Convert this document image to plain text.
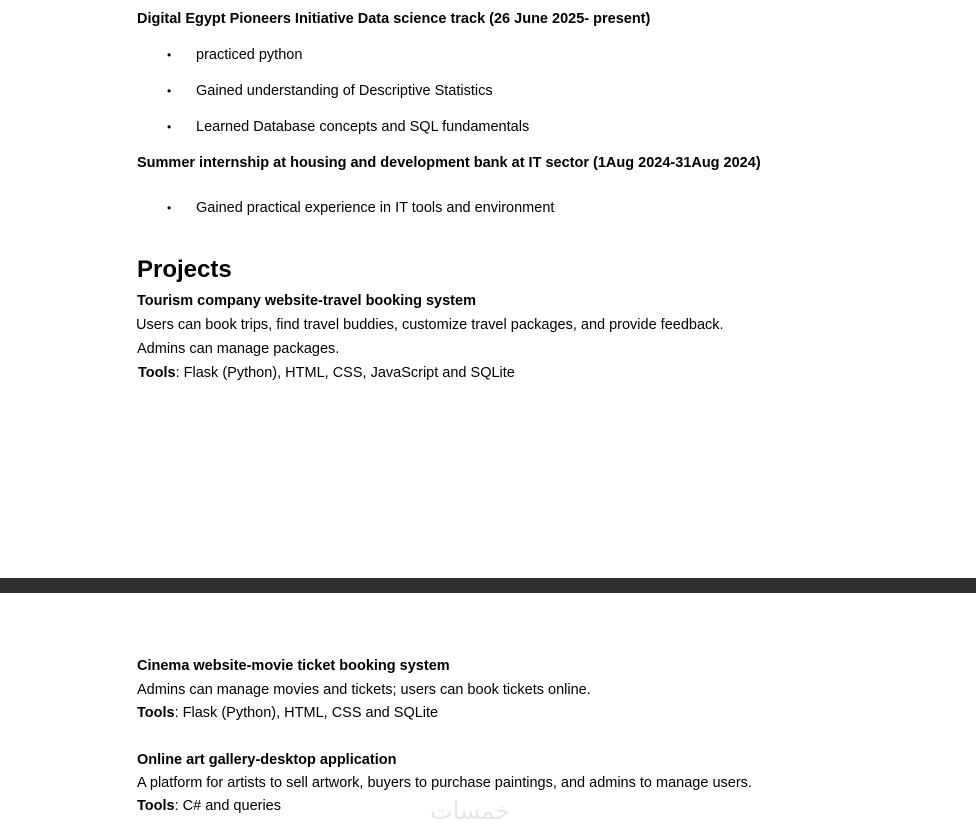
Digital Egypt Pioneers Initiative Data science track (26 June 2025- present)
• practiced python
• Gained understanding of Descriptive Statistics
• Learned Database concepts and SQL fundamentals
Summer internship at housing and development bank at IT sector (1Aug 2024-31Aug 2024)
• Gained practical experience in IT tools and environment
Projects
Tourism company website-travel booking system
Users can book trips, find travel buddies, customize travel packages, and provide feedback.
Admins can manage packages.
Tools: Flask (Python), HTML, CSS, JavaScript and SQLite
Cinema website-movie ticket booking system
Admins can manage movies and tickets; users can book tickets online.
Tools: Flask (Python), HTML, CSS and SQLite
Online art gallery-desktop application
A platform for artists to sell artwork, buyers to purchase paintings, and admins to manage users.
Tools: C# and queries	خمسات
